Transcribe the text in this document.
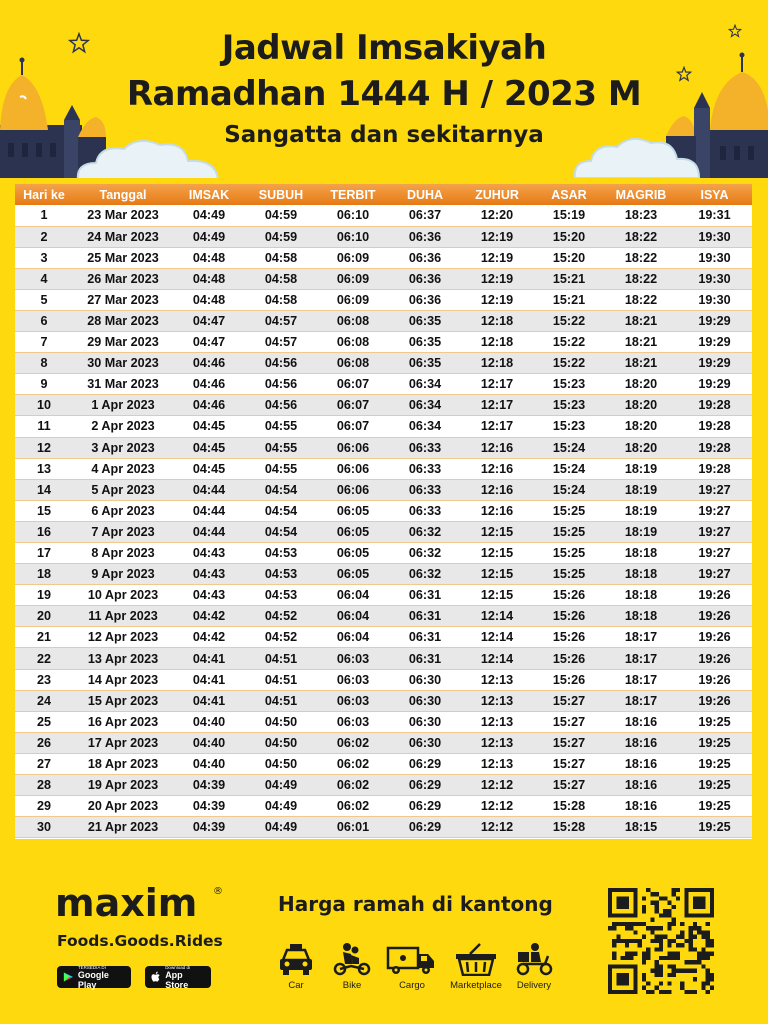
Jadwal Imsakiyah
Ramadhan 1444 H / 2023 M
Sangatta dan sekitarnya
Hari ke	Tanggal	IMSAK	SUBUH	TERBIT	DUHA	ZUHUR	ASAR	MAGRIB	ISYA
1	23 Mar 2023	04:49	04:59	06:10	06:37	12:20	15:19	18:23	19:31
2	24 Mar 2023	04:49	04:59	06:10	06:36	12:19	15:20	18:22	19:30
3	25 Mar 2023	04:48	04:58	06:09	06:36	12:19	15:20	18:22	19:30
4	26 Mar 2023	04:48	04:58	06:09	06:36	12:19	15:21	18:22	19:30
5	27 Mar 2023	04:48	04:58	06:09	06:36	12:19	15:21	18:22	19:30
6	28 Mar 2023	04:47	04:57	06:08	06:35	12:18	15:22	18:21	19:29
7	29 Mar 2023	04:47	04:57	06:08	06:35	12:18	15:22	18:21	19:29
8	30 Mar 2023	04:46	04:56	06:08	06:35	12:18	15:22	18:21	19:29
9	31 Mar 2023	04:46	04:56	06:07	06:34	12:17	15:23	18:20	19:29
10	1 Apr 2023	04:46	04:56	06:07	06:34	12:17	15:23	18:20	19:28
11	2 Apr 2023	04:45	04:55	06:07	06:34	12:17	15:23	18:20	19:28
12	3 Apr 2023	04:45	04:55	06:06	06:33	12:16	15:24	18:20	19:28
13	4 Apr 2023	04:45	04:55	06:06	06:33	12:16	15:24	18:19	19:28
14	5 Apr 2023	04:44	04:54	06:06	06:33	12:16	15:24	18:19	19:27
15	6 Apr 2023	04:44	04:54	06:05	06:33	12:16	15:25	18:19	19:27
16	7 Apr 2023	04:44	04:54	06:05	06:32	12:15	15:25	18:19	19:27
17	8 Apr 2023	04:43	04:53	06:05	06:32	12:15	15:25	18:18	19:27
18	9 Apr 2023	04:43	04:53	06:05	06:32	12:15	15:25	18:18	19:27
19	10 Apr 2023	04:43	04:53	06:04	06:31	12:15	15:26	18:18	19:26
20	11 Apr 2023	04:42	04:52	06:04	06:31	12:14	15:26	18:18	19:26
21	12 Apr 2023	04:42	04:52	06:04	06:31	12:14	15:26	18:17	19:26
22	13 Apr 2023	04:41	04:51	06:03	06:31	12:14	15:26	18:17	19:26
23	14 Apr 2023	04:41	04:51	06:03	06:30	12:13	15:26	18:17	19:26
24	15 Apr 2023	04:41	04:51	06:03	06:30	12:13	15:27	18:17	19:26
25	16 Apr 2023	04:40	04:50	06:03	06:30	12:13	15:27	18:16	19:25
26	17 Apr 2023	04:40	04:50	06:02	06:30	12:13	15:27	18:16	19:25
27	18 Apr 2023	04:40	04:50	06:02	06:29	12:13	15:27	18:16	19:25
28	19 Apr 2023	04:39	04:49	06:02	06:29	12:12	15:27	18:16	19:25
29	20 Apr 2023	04:39	04:49	06:02	06:29	12:12	15:28	18:16	19:25
30	21 Apr 2023	04:39	04:49	06:01	06:29	12:12	15:28	18:15	19:25
maxim ®
Foods.Goods.Rides
TERSEDIA DI
Google Play
Download di
App Store
Harga ramah di kantong
Car	Bike	Cargo	Marketplace	Delivery
